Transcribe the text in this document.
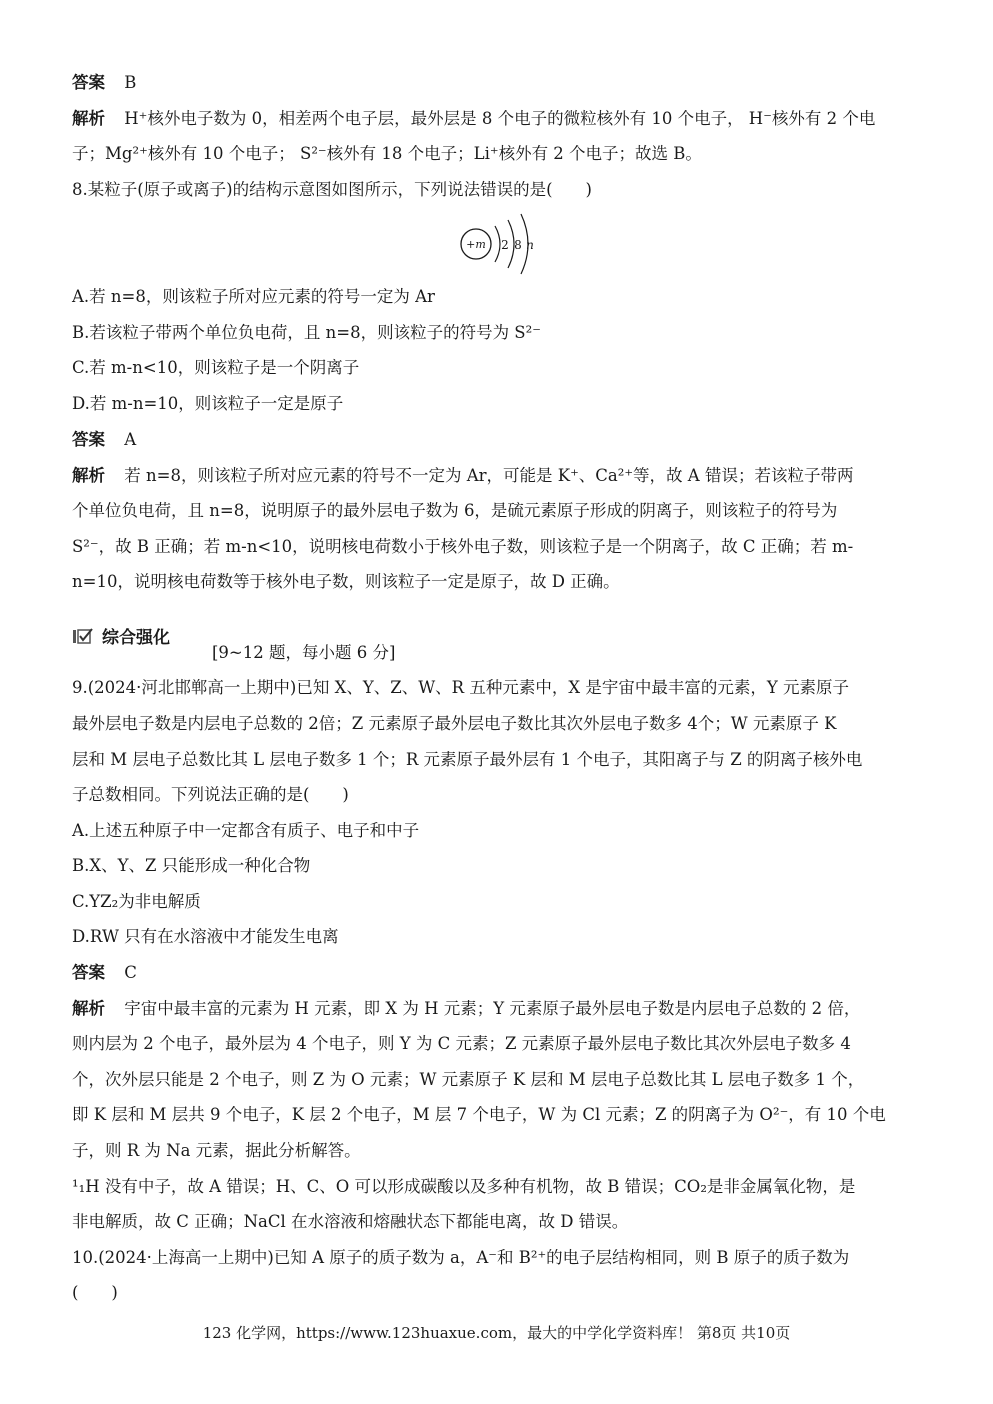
答案 B
解析 H⁺核外电子数为 0，相差两个电子层，最外层是 8 个电子的微粒核外有 10 个电子， H⁻核外有 2 个电
子；Mg²⁺核外有 10 个电子； S²⁻核外有 18 个电子；Li⁺核外有 2 个电子；故选 B。
8.某粒子(原子或离子)的结构示意图如图所示，下列说法错误的是(　　)
+m 2 8 n
A.若 n=8，则该粒子所对应元素的符号一定为 Ar
B.若该粒子带两个单位负电荷，且 n=8，则该粒子的符号为 S²⁻
C.若 m-n<10，则该粒子是一个阴离子
D.若 m-n=10，则该粒子一定是原子
答案 A
解析 若 n=8，则该粒子所对应元素的符号不一定为 Ar，可能是 K⁺、Ca²⁺等，故 A 错误；若该粒子带两
个单位负电荷，且 n=8，说明原子的最外层电子数为 6，是硫元素原子形成的阴离子，则该粒子的符号为
S²⁻，故 B 正确；若 m-n<10，说明核电荷数小于核外电子数，则该粒子是一个阴离子，故 C 正确；若 m-
n=10，说明核电荷数等于核外电子数，则该粒子一定是原子，故 D 正确。
综合强化
[9~12 题，每小题 6 分]
9.(2024·河北邯郸高一上期中)已知 X、Y、Z、W、R 五种元素中，X 是宇宙中最丰富的元素，Y 元素原子
最外层电子数是内层电子总数的 2倍；Z 元素原子最外层电子数比其次外层电子数多 4个；W 元素原子 K
层和 M 层电子总数比其 L 层电子数多 1 个；R 元素原子最外层有 1 个电子，其阳离子与 Z 的阴离子核外电
子总数相同。下列说法正确的是(　　)
A.上述五种原子中一定都含有质子、电子和中子
B.X、Y、Z 只能形成一种化合物
C.YZ₂为非电解质
D.RW 只有在水溶液中才能发生电离
答案 C
解析 宇宙中最丰富的元素为 H 元素，即 X 为 H 元素；Y 元素原子最外层电子数是内层电子总数的 2 倍，
则内层为 2 个电子，最外层为 4 个电子，则 Y 为 C 元素；Z 元素原子最外层电子数比其次外层电子数多 4
个，次外层只能是 2 个电子，则 Z 为 O 元素；W 元素原子 K 层和 M 层电子总数比其 L 层电子数多 1 个，
即 K 层和 M 层共 9 个电子，K 层 2 个电子，M 层 7 个电子，W 为 Cl 元素；Z 的阴离子为 O²⁻，有 10 个电
子，则 R 为 Na 元素，据此分析解答。
¹₁H 没有中子，故 A 错误；H、C、O 可以形成碳酸以及多种有机物，故 B 错误；CO₂是非金属氧化物，是
非电解质，故 C 正确；NaCl 在水溶液和熔融状态下都能电离，故 D 错误。
10.(2024·上海高一上期中)已知 A 原子的质子数为 a，A⁻和 B²⁺的电子层结构相同，则 B 原子的质子数为
(　　)
123 化学网，https://www.123huaxue.com，最大的中学化学资料库！ 第8页 共10页
